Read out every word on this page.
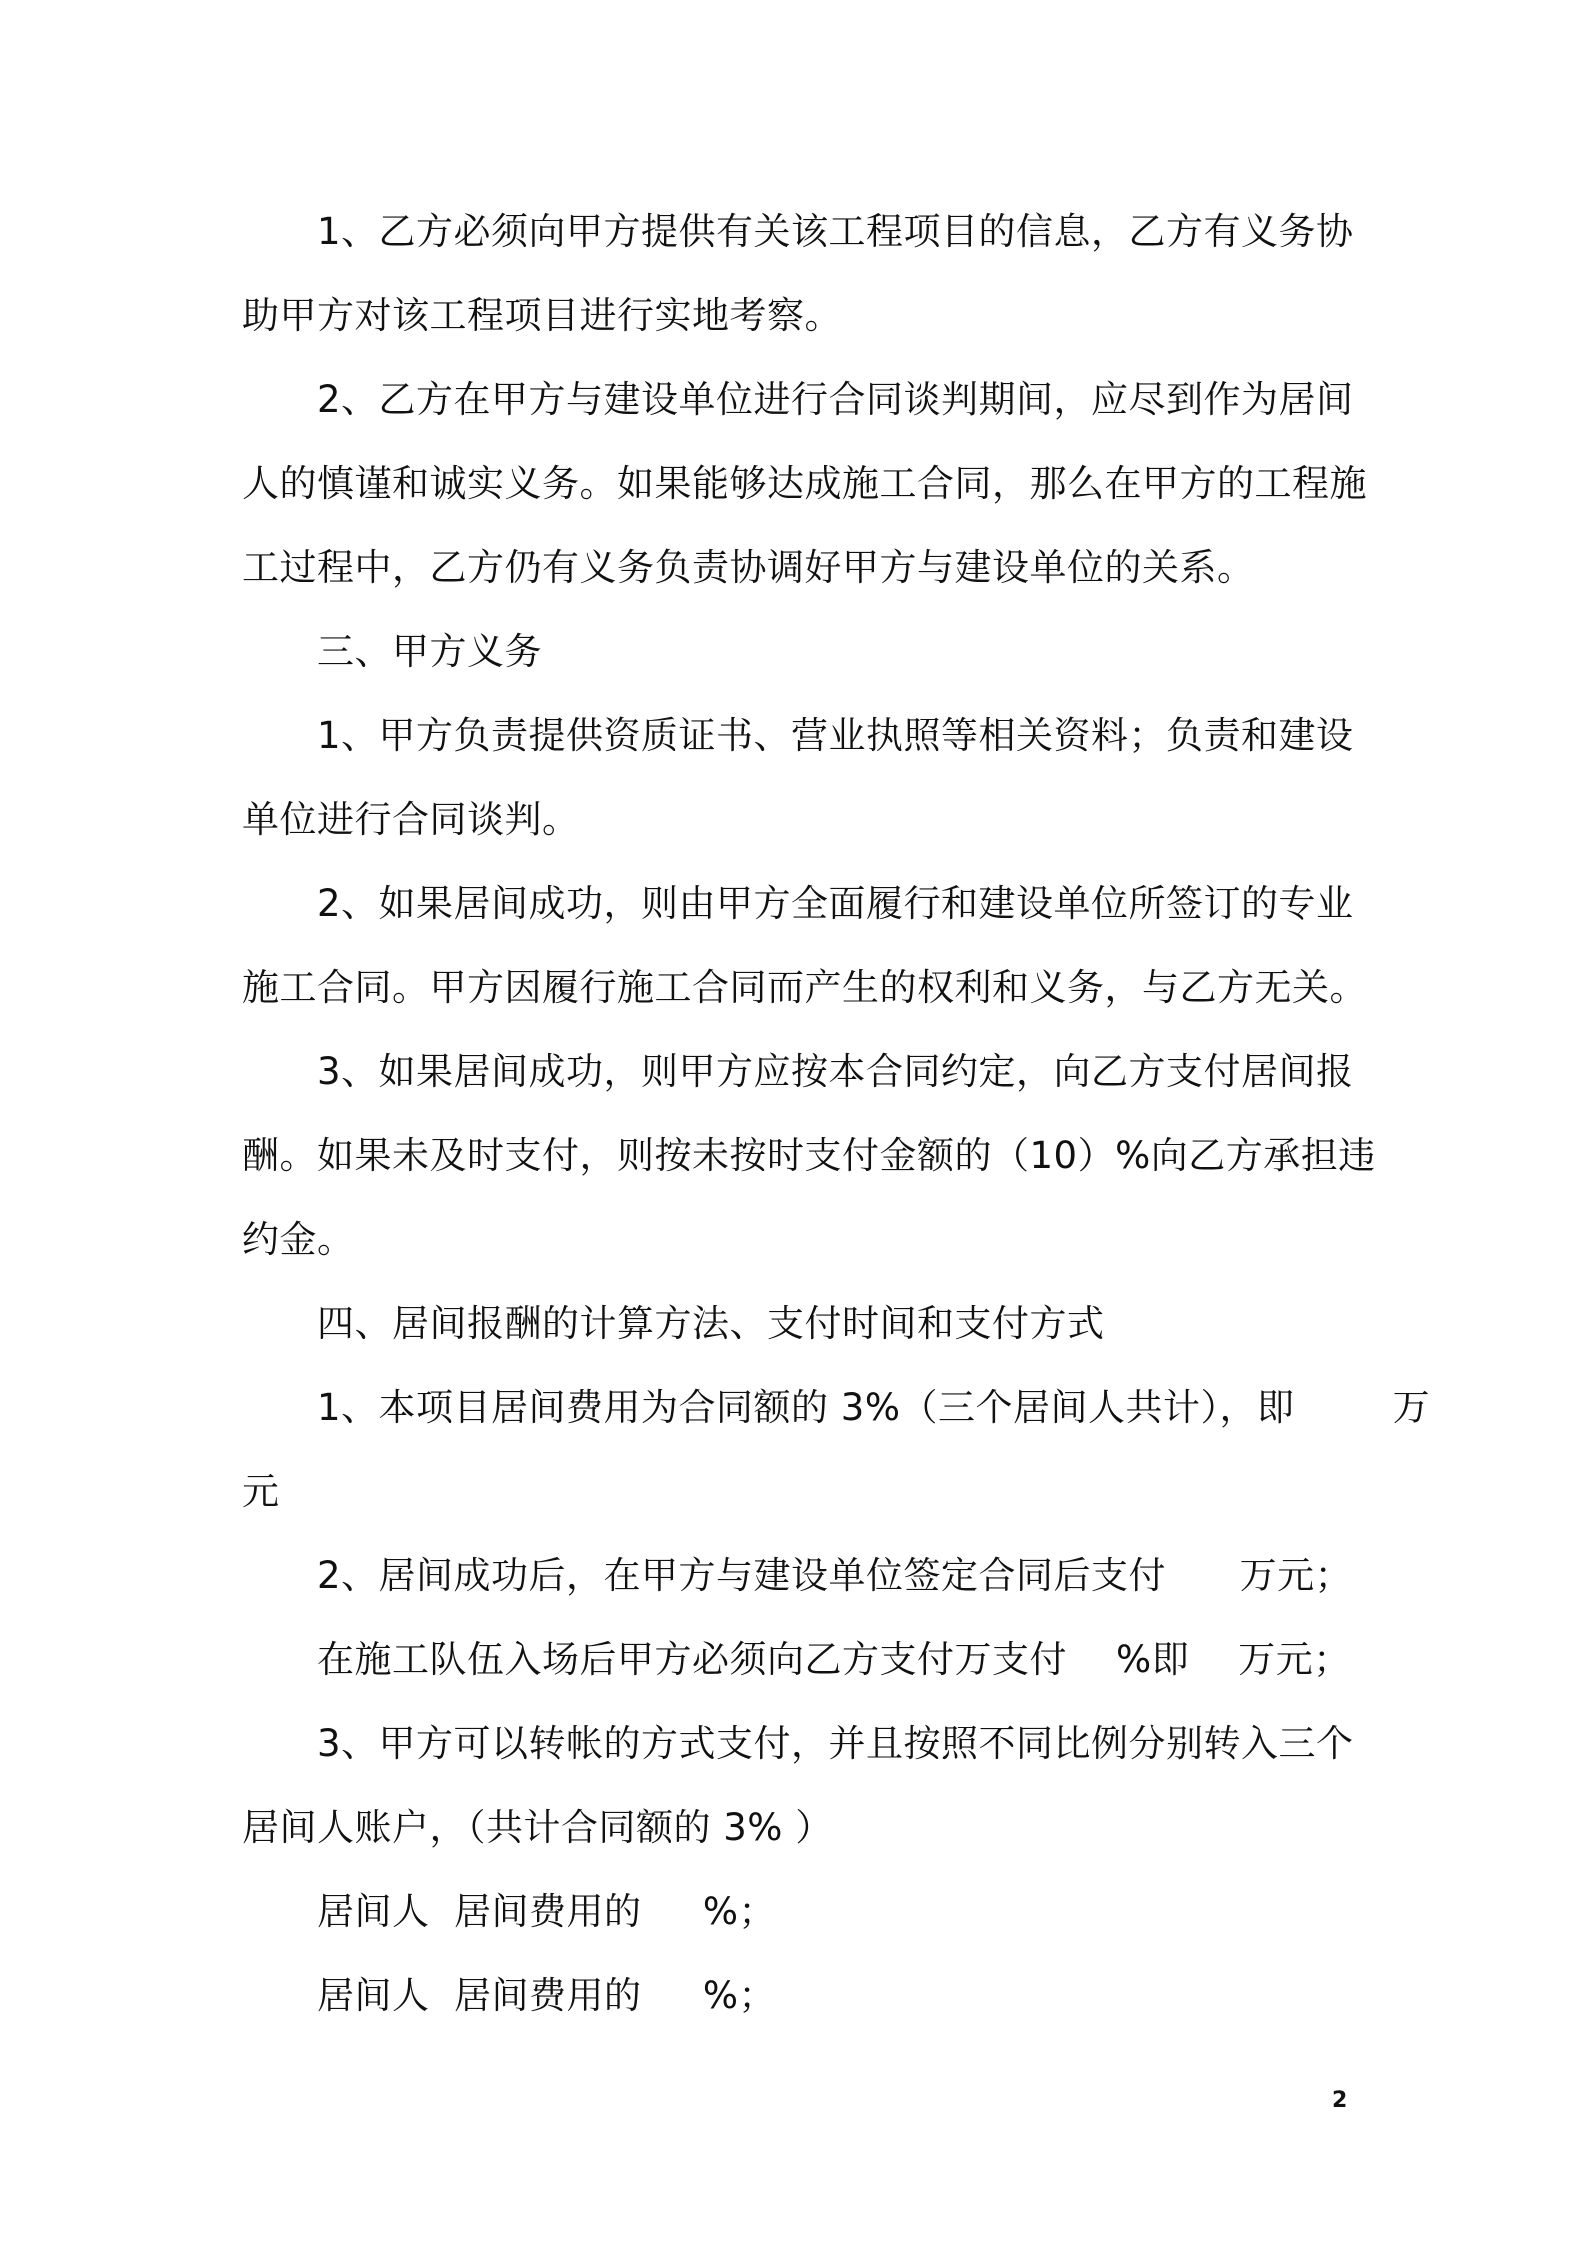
1、乙方必须向甲方提供有关该工程项目的信息，乙方有义务协
助甲方对该工程项目进行实地考察。
2、乙方在甲方与建设单位进行合同谈判期间，应尽到作为居间
人的慎谨和诚实义务。如果能够达成施工合同，那么在甲方的工程施
工过程中，乙方仍有义务负责协调好甲方与建设单位的关系。
三、甲方义务
1、甲方负责提供资质证书、营业执照等相关资料；负责和建设
单位进行合同谈判。
2、如果居间成功，则由甲方全面履行和建设单位所签订的专业
施工合同。甲方因履行施工合同而产生的权利和义务，与乙方无关。
3、如果居间成功，则甲方应按本合同约定，向乙方支付居间报
酬。如果未及时支付，则按未按时支付金额的（10）%向乙方承担违
约金。
四、居间报酬的计算方法、支付时间和支付方式
1、本项目居间费用为合同额的 3%（三个居间人共计），即        万
元
2、居间成功后，在甲方与建设单位签定合同后支付      万元；
在施工队伍入场后甲方必须向乙方支付万支付    %即    万元；
3、甲方可以转帐的方式支付，并且按照不同比例分别转入三个
居间人账户，（共计合同额的 3% ）
居间人  居间费用的     %；
居间人  居间费用的     %；
2
